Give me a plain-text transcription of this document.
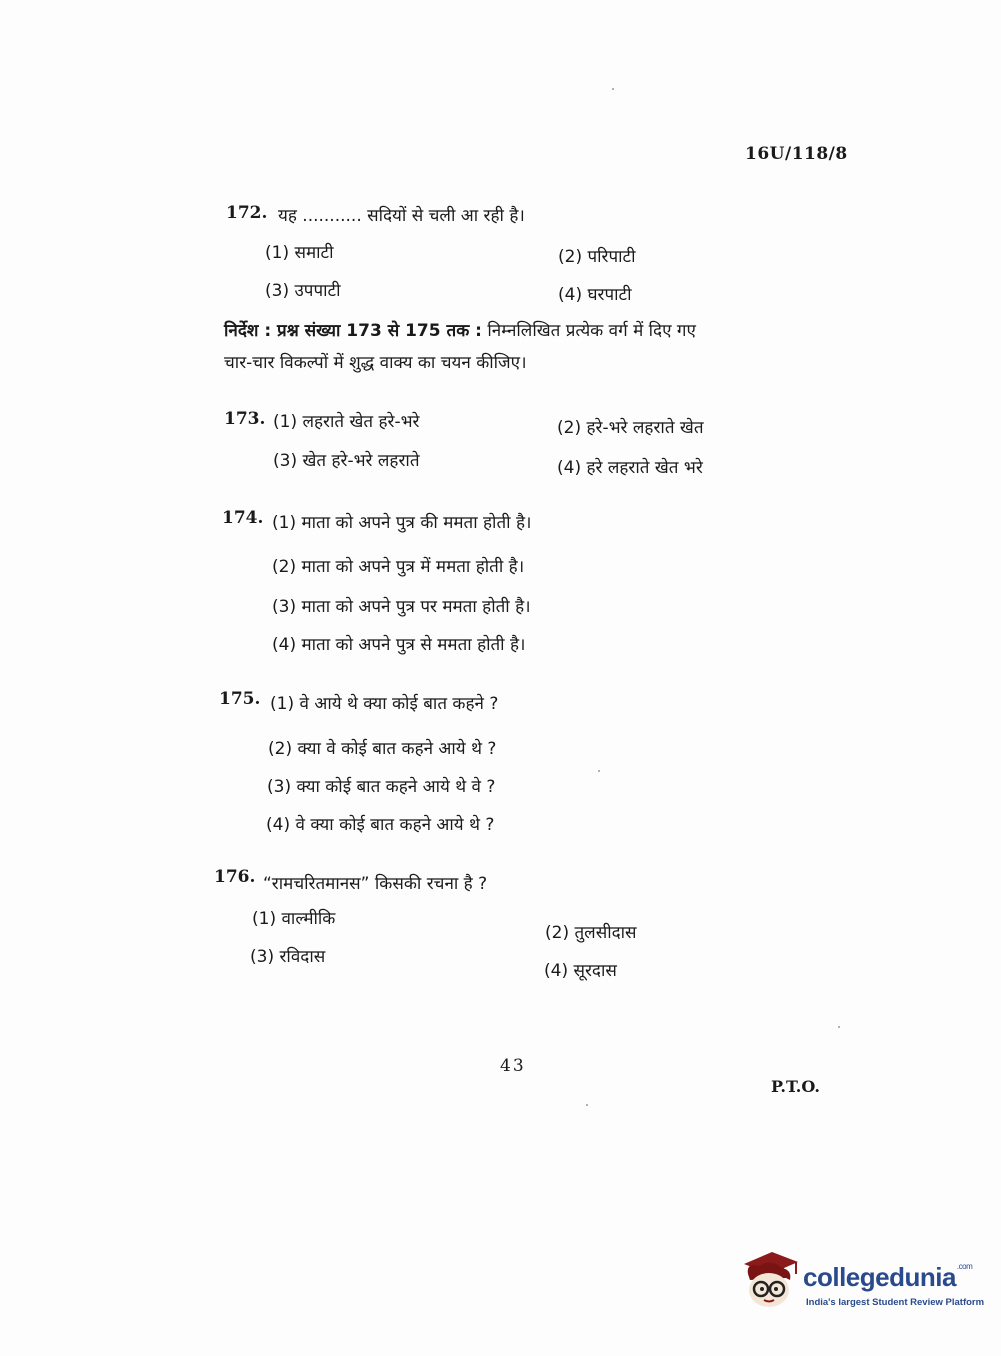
16U/118/8
172. यह ........... सदियों से चली आ रही है।
(1) समाटी	(2) परिपाटी
(3) उपपाटी	(4) घरपाटी
निर्देश : प्रश्न संख्या 173 से 175 तक : निम्नलिखित प्रत्येक वर्ग में दिए गए
चार-चार विकल्पों में शुद्ध वाक्य का चयन कीजिए।
173. (1) लहराते खेत हरे-भरे	(2) हरे-भरे लहराते खेत
(3) खेत हरे-भरे लहराते	(4) हरे लहराते खेत भरे
174. (1) माता को अपने पुत्र की ममता होती है।
(2) माता को अपने पुत्र में ममता होती है।
(3) माता को अपने पुत्र पर ममता होती है।
(4) माता को अपने पुत्र से ममता होती है।
175. (1) वे आये थे क्या कोई बात कहने ?
(2) क्या वे कोई बात कहने आये थे ?
(3) क्या कोई बात कहने आये थे वे ?
(4) वे क्या कोई बात कहने आये थे ?
176. “रामचरितमानस” किसकी रचना है ?
(1) वाल्मीकि
(2) तुलसीदास
(3) रविदास
(4) सूरदास
43
P.T.O.
collegedunia$^{.com}$
India's largest Student Review Platform
